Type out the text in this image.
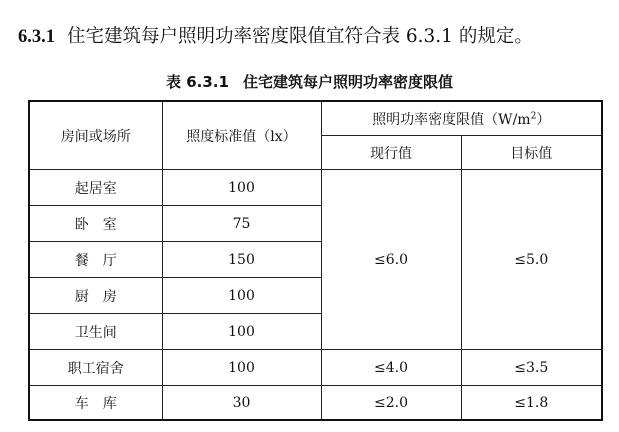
6.3.1 住宅建筑每户照明功率密度限值宜符合表 6.3.1 的规定。
表 6.3.1 住宅建筑每户照明功率密度限值
房间或场所	照度标准值（lx）	照明功率密度限值$(W/m^2)$	
		现行值	目标值
起居室	100	≤6.0	≤5.0
卧　室	75		
餐　厅	150		
厨　房	100		
卫生间	100		
职工宿舍	100	≤4.0	≤3.5
车　库	30	≤2.0	≤1.8
